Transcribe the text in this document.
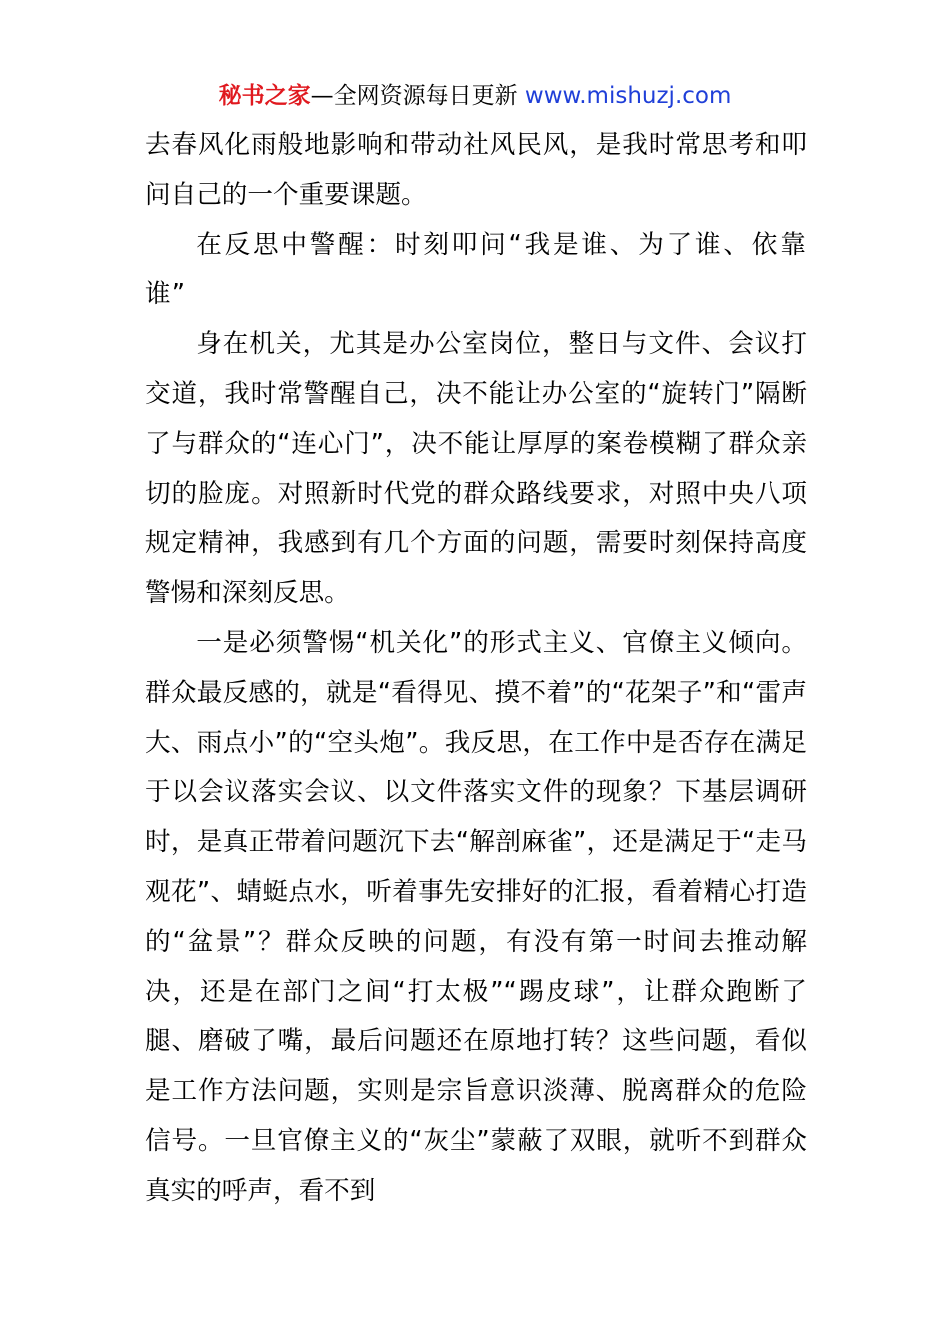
秘书之家—全网资源每日更新 www.mishuzj.com

去春风化雨般地影响和带动社风民风，是我时常思考和叩问自己的一个重要课题。

在反思中警醒：时刻叩问“我是谁、为了谁、依靠谁”

身在机关，尤其是办公室岗位，整日与文件、会议打交道，我时常警醒自己，决不能让办公室的“旋转门”隔断了与群众的“连心门”，决不能让厚厚的案卷模糊了群众亲切的脸庞。对照新时代党的群众路线要求，对照中央八项规定精神，我感到有几个方面的问题，需要时刻保持高度警惕和深刻反思。

一是必须警惕“机关化”的形式主义、官僚主义倾向。群众最反感的，就是“看得见、摸不着”的“花架子”和“雷声大、雨点小”的“空头炮”。我反思，在工作中是否存在满足于以会议落实会议、以文件落实文件的现象？下基层调研时，是真正带着问题沉下去“解剖麻雀”，还是满足于“走马观花”、蜻蜓点水，听着事先安排好的汇报，看着精心打造的“盆景”？群众反映的问题，有没有第一时间去推动解决，还是在部门之间“打太极”“踢皮球”，让群众跑断了腿、磨破了嘴，最后问题还在原地打转？这些问题，看似是工作方法问题，实则是宗旨意识淡薄、脱离群众的危险信号。一旦官僚主义的“灰尘”蒙蔽了双眼，就听不到群众真实的呼声，看不到
